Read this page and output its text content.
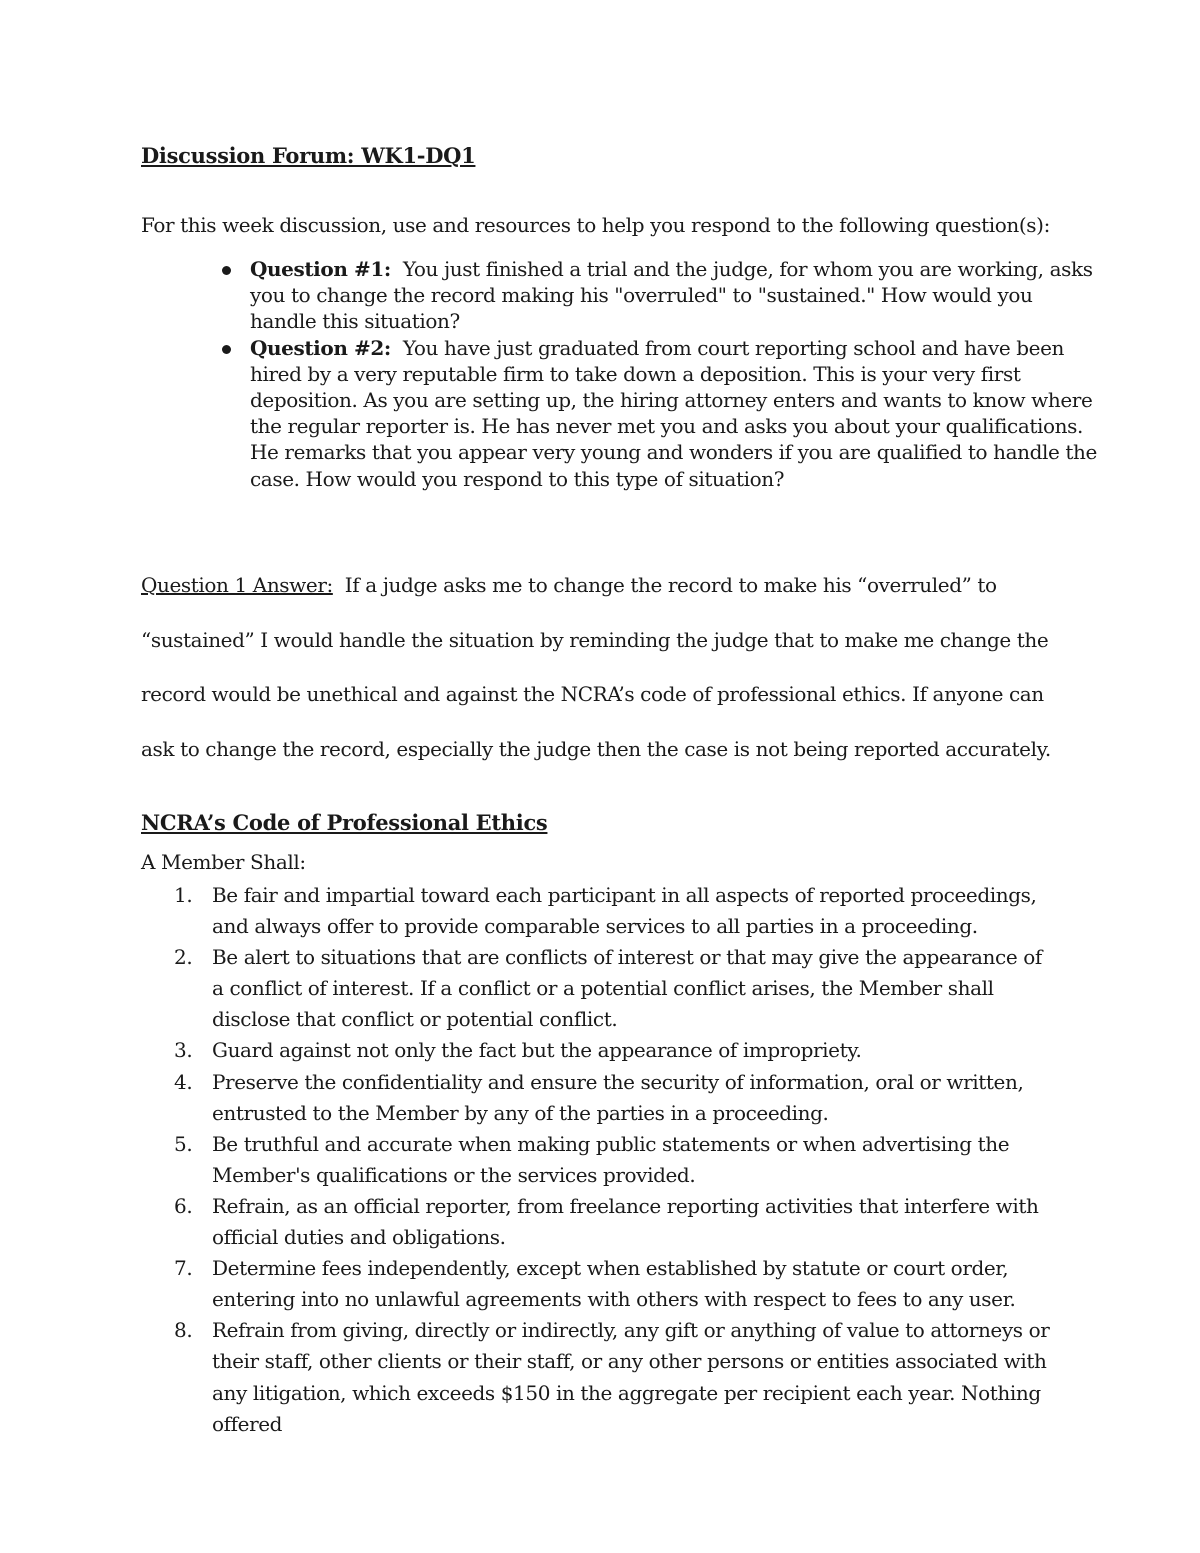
Discussion Forum: WK1-DQ1
For this week discussion, use and resources to help you respond to the following question(s):
Question #1: You just finished a trial and the judge, for whom you are working, asks you to change the record making his "overruled" to "sustained." How would you handle this situation?
Question #2: You have just graduated from court reporting school and have been hired by a very reputable firm to take down a deposition. This is your very first deposition. As you are setting up, the hiring attorney enters and wants to know where the regular reporter is. He has never met you and asks you about your qualifications. He remarks that you appear very young and wonders if you are qualified to handle the case. How would you respond to this type of situation?

Question 1 Answer: If a judge asks me to change the record to make his “overruled” to “sustained” I would handle the situation by reminding the judge that to make me change the record would be unethical and against the NCRA’s code of professional ethics. If anyone can ask to change the record, especially the judge then the case is not being reported accurately.

NCRA’s Code of Professional Ethics
A Member Shall:
1. Be fair and impartial toward each participant in all aspects of reported proceedings, and always offer to provide comparable services to all parties in a proceeding.
2. Be alert to situations that are conflicts of interest or that may give the appearance of a conflict of interest. If a conflict or a potential conflict arises, the Member shall disclose that conflict or potential conflict.
3. Guard against not only the fact but the appearance of impropriety.
4. Preserve the confidentiality and ensure the security of information, oral or written, entrusted to the Member by any of the parties in a proceeding.
5. Be truthful and accurate when making public statements or when advertising the Member's qualifications or the services provided.
6. Refrain, as an official reporter, from freelance reporting activities that interfere with official duties and obligations.
7. Determine fees independently, except when established by statute or court order, entering into no unlawful agreements with others with respect to fees to any user.
8. Refrain from giving, directly or indirectly, any gift or anything of value to attorneys or their staff, other clients or their staff, or any other persons or entities associated with any litigation, which exceeds $150 in the aggregate per recipient each year. Nothing offered
